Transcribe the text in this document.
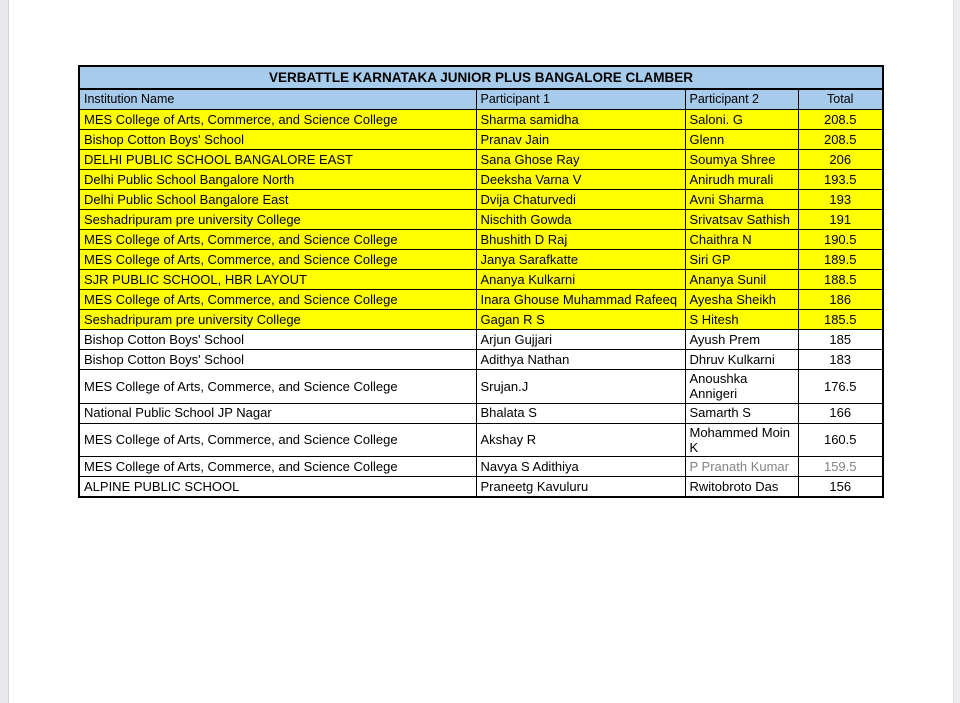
VERBATTLE KARNATAKA JUNIOR PLUS BANGALORE CLAMBER			
Institution Name	Participant 1	Participant 2	Total
MES College of Arts, Commerce, and Science College	Sharma samidha	Saloni. G	208.5
Bishop Cotton Boys' School	Pranav Jain	Glenn	208.5
DELHI PUBLIC SCHOOL BANGALORE EAST	Sana Ghose Ray	Soumya Shree	206
Delhi Public School Bangalore North	Deeksha Varna V	Anirudh murali	193.5
Delhi Public School Bangalore East	Dvija Chaturvedi	Avni Sharma	193
Seshadripuram pre university College	Nischith Gowda	Srivatsav Sathish	191
MES College of Arts, Commerce, and Science College	Bhushith D Raj	Chaithra N	190.5
MES College of Arts, Commerce, and Science College	Janya Sarafkatte	Siri GP	189.5
SJR PUBLIC SCHOOL, HBR LAYOUT	Ananya Kulkarni	Ananya Sunil	188.5
MES College of Arts, Commerce, and Science College	Inara Ghouse Muhammad Rafeeq	Ayesha Sheikh	186
Seshadripuram pre university College	Gagan R S	S Hitesh	185.5
Bishop Cotton Boys' School	Arjun Gujjari	Ayush Prem	185
Bishop Cotton Boys' School	Adithya Nathan	Dhruv Kulkarni	183
MES College of Arts, Commerce, and Science College	Srujan.J	Anoushka Annigeri	176.5
National Public School JP Nagar	Bhalata S	Samarth S	166
MES College of Arts, Commerce, and Science College	Akshay R	Mohammed Moin K	160.5
MES College of Arts, Commerce, and Science College	Navya S Adithiya	P Pranath Kumar	159.5
ALPINE PUBLIC SCHOOL	Praneetg Kavuluru	Rwitobroto Das	156
